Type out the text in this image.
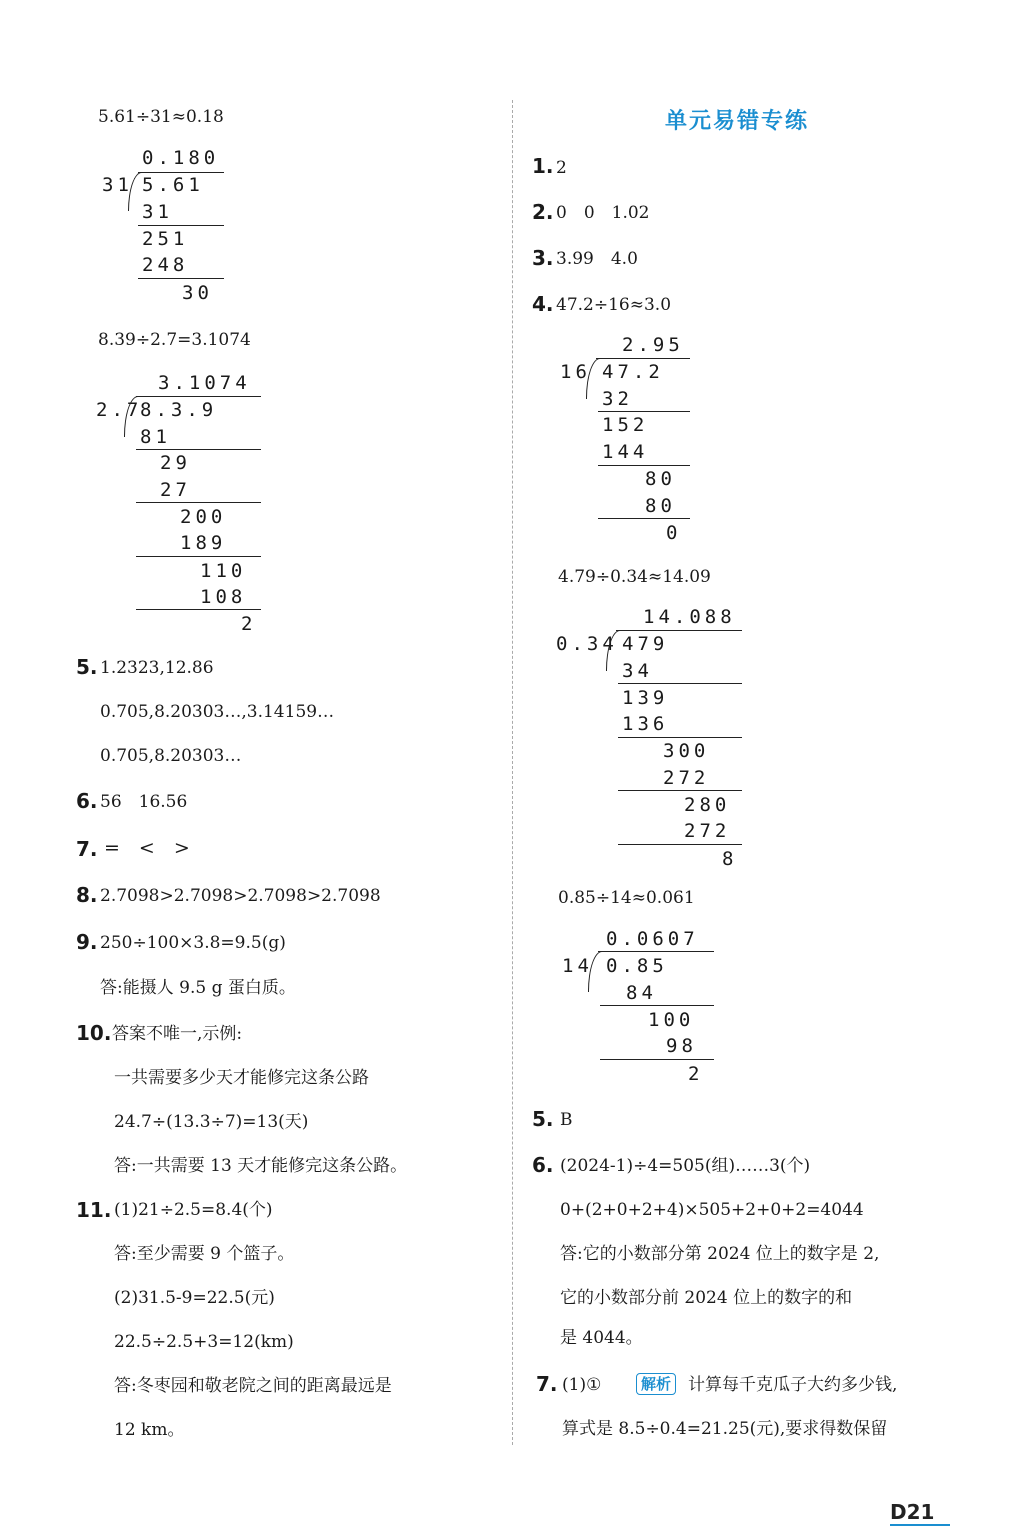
5.61÷31≈0.18
0.180
31 5.61
31
251
248
30
8.39÷2.7=3.1074
3.1074
2.7
8.3.9
81
29
27
200
189
110
108
2
5. 1.2323,12.86
0.705,8.20303…,3.14159…
0.705,8.20303…
6. 56　16.56
7. =　<　>
8. 2.7098>2.7098>2.7098>2.7098
9. 250÷100×3.8=9.5(g)
答:能摄人 9.5 g 蛋白质。
10. 答案不唯一,示例:
一共需要多少天才能修完这条公路
24.7÷(13.3÷7)=13(天)
答:一共需要 13 天才能修完这条公路。
11. (1)21÷2.5=8.4(个)
答:至少需要 9 个篮子。
(2)31.5-9=22.5(元)
22.5÷2.5+3=12(km)
答:冬枣园和敬老院之间的距离最远是
12 km。
单元易错专练
1. 2
2. 0　0　1.02
3. 3.99　4.0
4. 47.2÷16≈3.0
2.95
16 47.2
32
152
144
80
80
0
4.79÷0.34≈14.09
14.088
0.34 479
34
139
136
300
272
280
272
8
0.85÷14≈0.061
0.0607
14 0.85
84
100
98
2
5. B
6. (2024-1)÷4=505(组)……3(个)
0+(2+0+2+4)×505+2+0+2=4044
答:它的小数部分第 2024 位上的数字是 2,
它的小数部分前 2024 位上的数字的和
是 4044。
7. (1)①	解析 计算每千克瓜子大约多少钱,
算式是 8.5÷0.4=21.25(元),要求得数保留
D21
